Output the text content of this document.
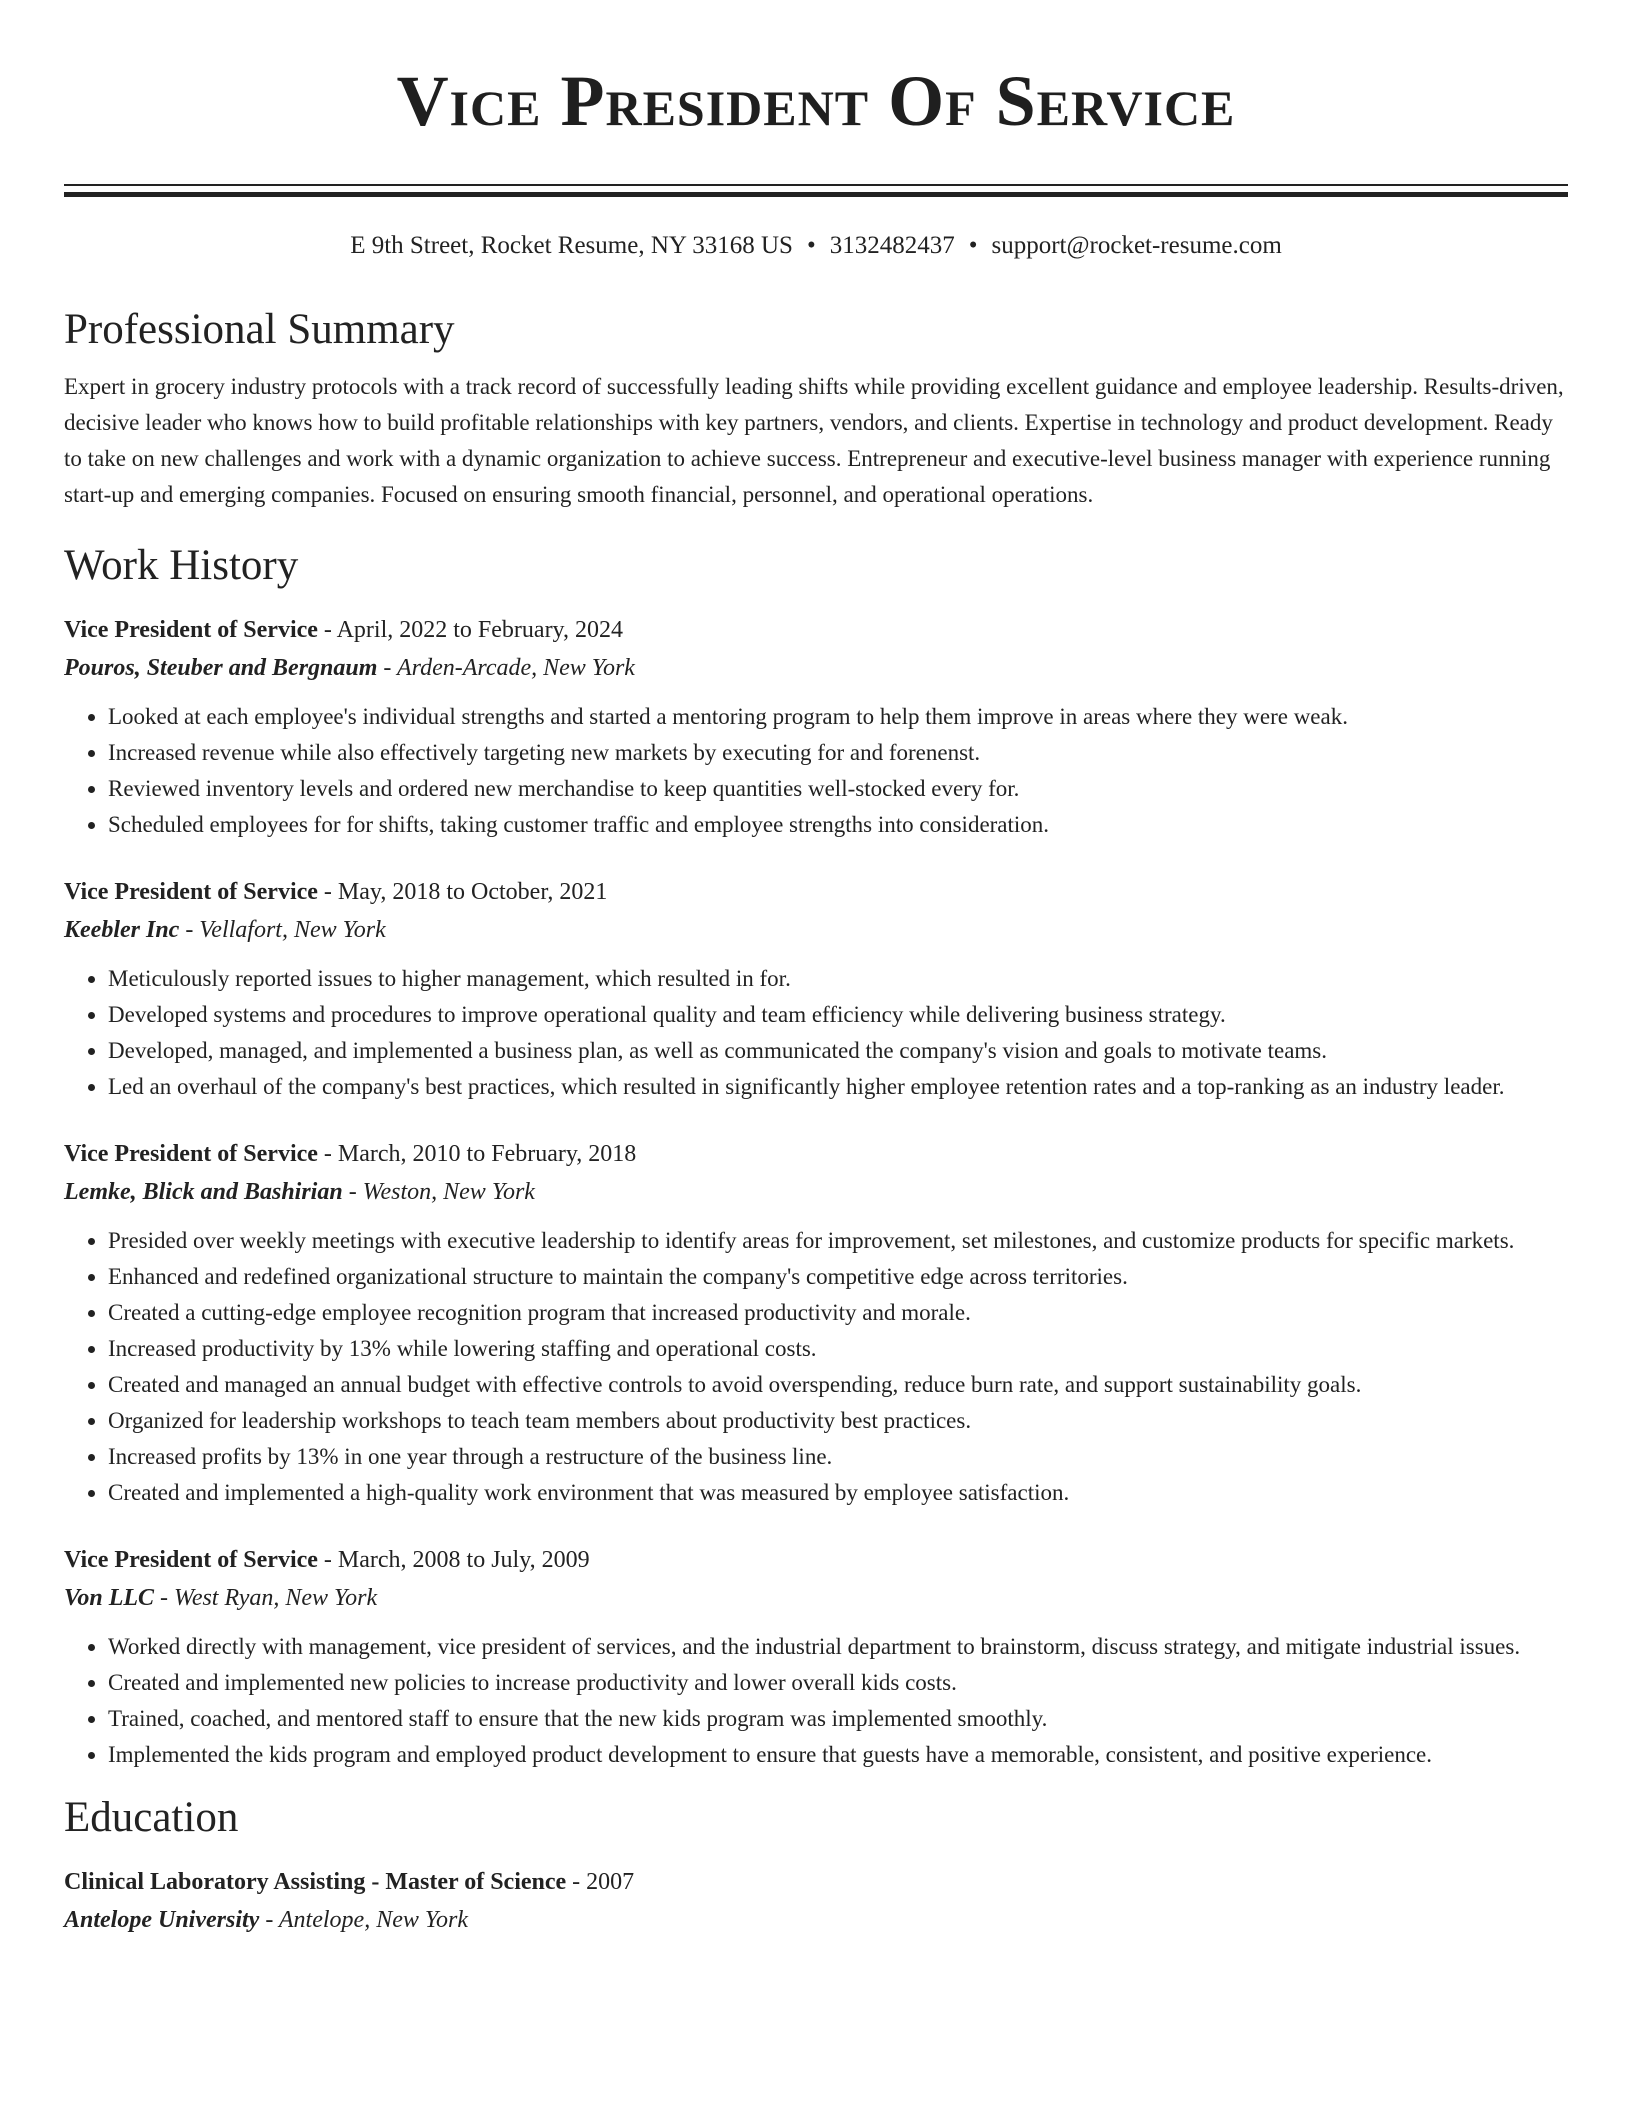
Vice President Of Service
E 9th Street, Rocket Resume, NY 33168 US • 3132482437 • support@rocket-resume.com
Professional Summary

Expert in grocery industry protocols with a track record of successfully leading shifts while providing excellent guidance and employee leadership. Results-driven, decisive leader who knows how to build profitable relationships with key partners, vendors, and clients. Expertise in technology and product development. Ready to take on new challenges and work with a dynamic organization to achieve success. Entrepreneur and executive-level business manager with experience running start-up and emerging companies. Focused on ensuring smooth financial, personnel, and operational operations.

Work History
Vice President of Service - April, 2022 to February, 2024
Pouros, Steuber and Bergnaum - Arden-Arcade, New York
• Looked at each employee's individual strengths and started a mentoring program to help them improve in areas where they were weak.
• Increased revenue while also effectively targeting new markets by executing for and forenenst.
• Reviewed inventory levels and ordered new merchandise to keep quantities well-stocked every for.
• Scheduled employees for for shifts, taking customer traffic and employee strengths into consideration.
Vice President of Service - May, 2018 to October, 2021
Keebler Inc - Vellafort, New York
• Meticulously reported issues to higher management, which resulted in for.
• Developed systems and procedures to improve operational quality and team efficiency while delivering business strategy.
• Developed, managed, and implemented a business plan, as well as communicated the company's vision and goals to motivate teams.
• Led an overhaul of the company's best practices, which resulted in significantly higher employee retention rates and a top-ranking as an industry leader.
Vice President of Service - March, 2010 to February, 2018
Lemke, Blick and Bashirian - Weston, New York
• Presided over weekly meetings with executive leadership to identify areas for improvement, set milestones, and customize products for specific markets.
• Enhanced and redefined organizational structure to maintain the company's competitive edge across territories.
• Created a cutting-edge employee recognition program that increased productivity and morale.
• Increased productivity by 13% while lowering staffing and operational costs.
• Created and managed an annual budget with effective controls to avoid overspending, reduce burn rate, and support sustainability goals.
• Organized for leadership workshops to teach team members about productivity best practices.
• Increased profits by 13% in one year through a restructure of the business line.
• Created and implemented a high-quality work environment that was measured by employee satisfaction.
Vice President of Service - March, 2008 to July, 2009
Von LLC - West Ryan, New York
• Worked directly with management, vice president of services, and the industrial department to brainstorm, discuss strategy, and mitigate industrial issues.
• Created and implemented new policies to increase productivity and lower overall kids costs.
• Trained, coached, and mentored staff to ensure that the new kids program was implemented smoothly.
• Implemented the kids program and employed product development to ensure that guests have a memorable, consistent, and positive experience.
Education
Clinical Laboratory Assisting - Master of Science - 2007
Antelope University - Antelope, New York
